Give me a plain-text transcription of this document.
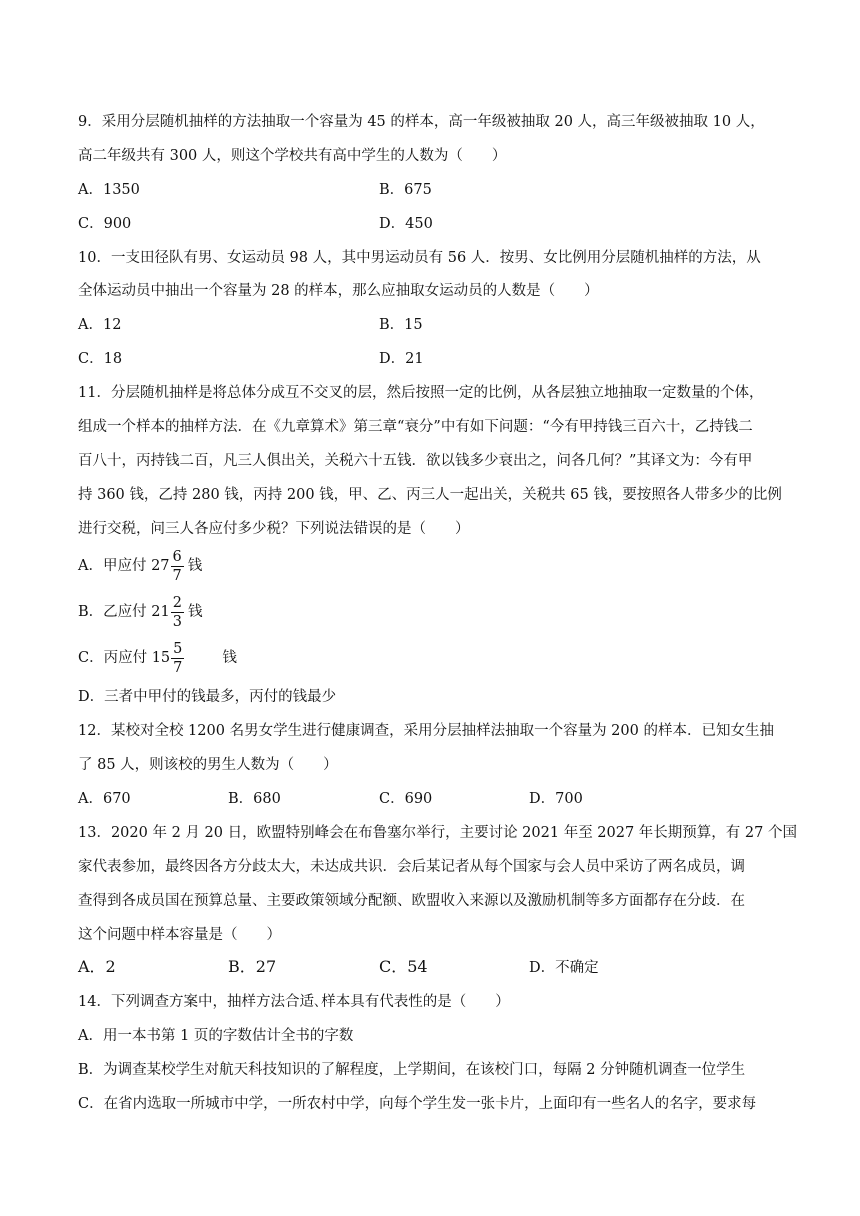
9．采用分层随机抽样的方法抽取一个容量为 45 的样本，高一年级被抽取 20 人，高三年级被抽取 10 人，
高二年级共有 300 人，则这个学校共有高中学生的人数为（　　）
A．1350	B．675
C．900	D．450
10．一支田径队有男、女运动员 98 人，其中男运动员有 56 人．按男、女比例用分层随机抽样的方法，从
全体运动员中抽出一个容量为 28 的样本，那么应抽取女运动员的人数是（　　）
A．12	B．15
C．18	D．21
11．分层随机抽样是将总体分成互不交叉的层，然后按照一定的比例，从各层独立地抽取一定数量的个体，
组成一个样本的抽样方法．在《九章算术》第三章“衰分”中有如下问题：“今有甲持钱三百六十，乙持钱二
百八十，丙持钱二百，凡三人俱出关，关税六十五钱．欲以钱多少衰出之，问各几何？”其译文为：今有甲
持 360 钱，乙持 280 钱，丙持 200 钱，甲、乙、丙三人一起出关，关税共 65 钱，要按照各人带多少的比例
进行交税，问三人各应付多少税？下列说法错误的是（　　）
A．甲应付 $27 \frac{6}{7}$ 钱
B．乙应付 $21 \frac{2}{3}$ 钱
C．丙应付 $15 \frac{5}{7}$	钱
D．三者中甲付的钱最多，丙付的钱最少
12．某校对全校 1200 名男女学生进行健康调查，采用分层抽样法抽取一个容量为 200 的样本．已知女生抽
了 85 人，则该校的男生人数为（　　）
A．670	B．680	C．690	D．700
13．2020 年 2 月 20 日，欧盟特别峰会在布鲁塞尔举行，主要讨论 2021 年至 2027 年长期预算，有 27 个国
家代表参加，最终因各方分歧太大，未达成共识．会后某记者从每个国家与会人员中采访了两名成员，调
查得到各成员国在预算总量、主要政策领域分配额、欧盟收入来源以及激励机制等多方面都存在分歧．在
这个问题中样本容量是（　　）
A．2	B．27	C．54	D．不确定
14．下列调查方案中，抽样方法合适､样本具有代表性的是（　　）
A．用一本书第 1 页的字数估计全书的字数
B．为调查某校学生对航天科技知识的了解程度，上学期间，在该校门口，每隔 2 分钟随机调查一位学生
C．在省内选取一所城市中学，一所农村中学，向每个学生发一张卡片，上面印有一些名人的名字，要求每
